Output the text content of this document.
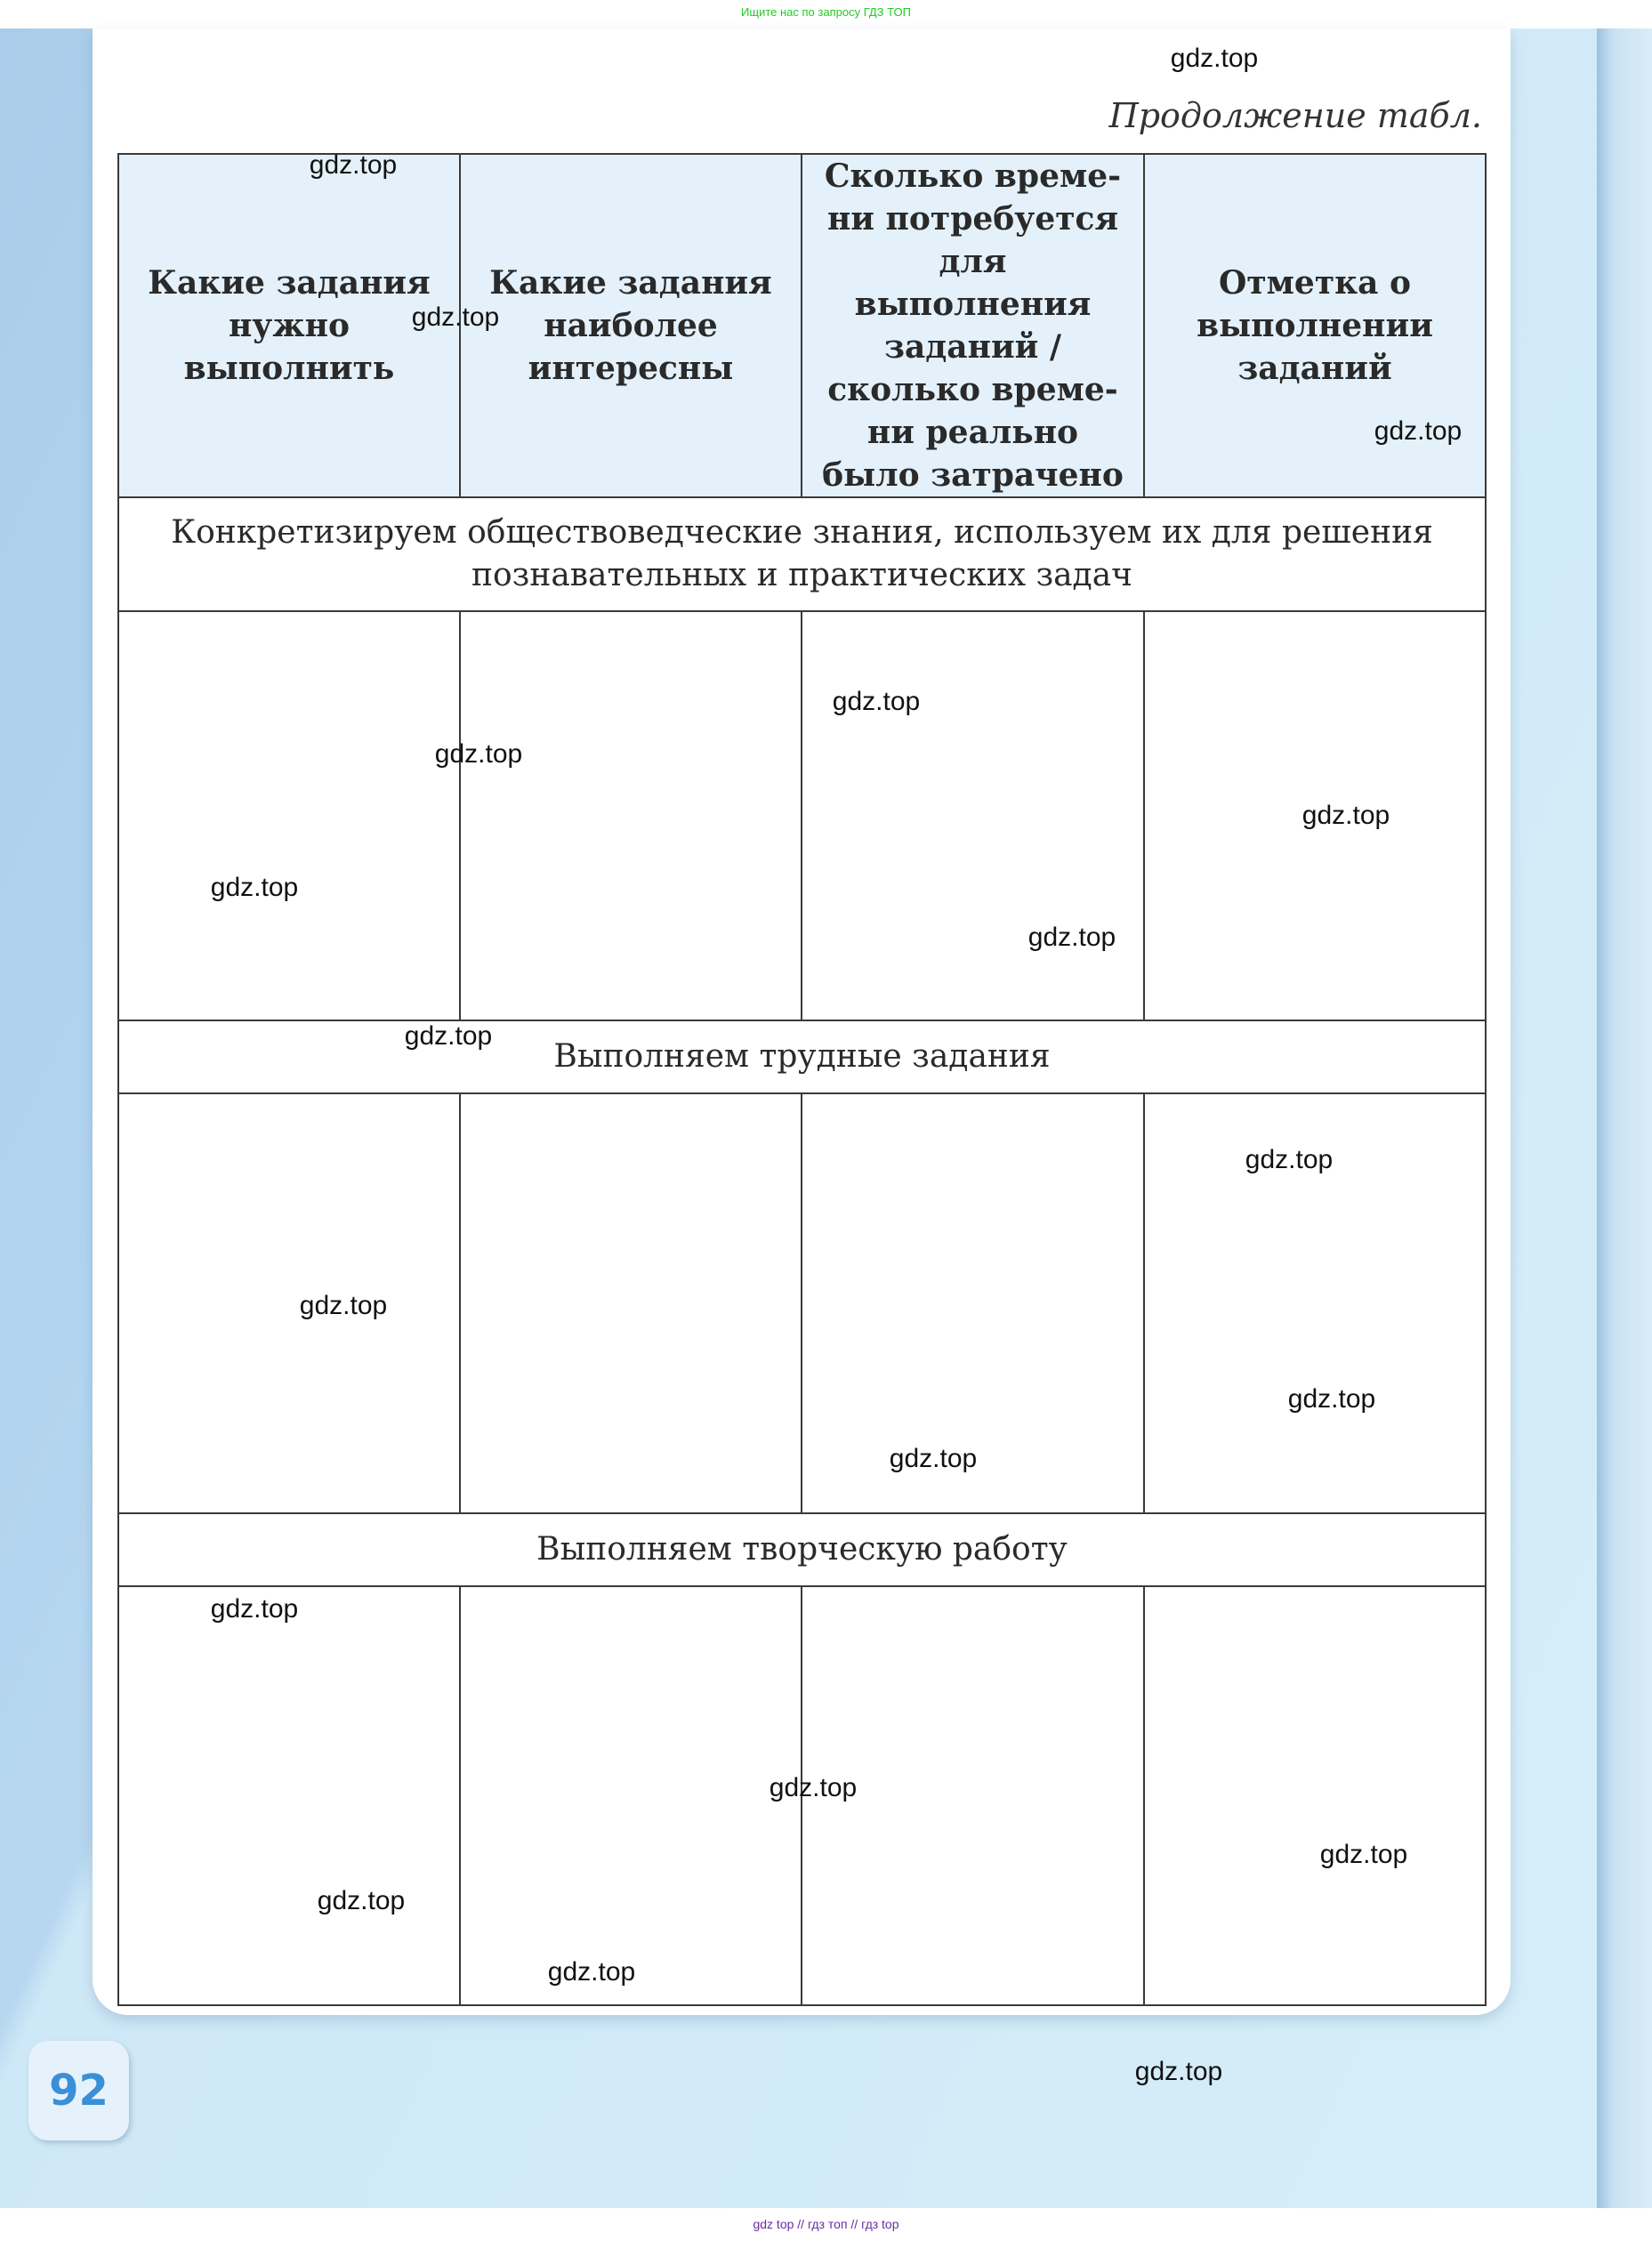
Ищите нас по запросу ГДЗ ТОП
Продолжение табл.
Какие задания нужно выполнить	Какие задания наиболее интересны	Сколько време-ни потребуется для выполнения заданий / сколько време-ни реально было затрачено	Отметка о выполнении заданий
Конкретизируем обществоведческие знания, используем их для решения познавательных и практических задач			

Выполняем трудные задания			

Выполняем творческую работу			

gdz.top
gdz.top
gdz.top
gdz.top
gdz.top
gdz.top
gdz.top
gdz.top
gdz.top
gdz.top
gdz.top
gdz.top
gdz.top
gdz.top
gdz.top
gdz.top
gdz.top
gdz.top
gdz.top
gdz.top
92
gdz top // гдз топ // гдз top
